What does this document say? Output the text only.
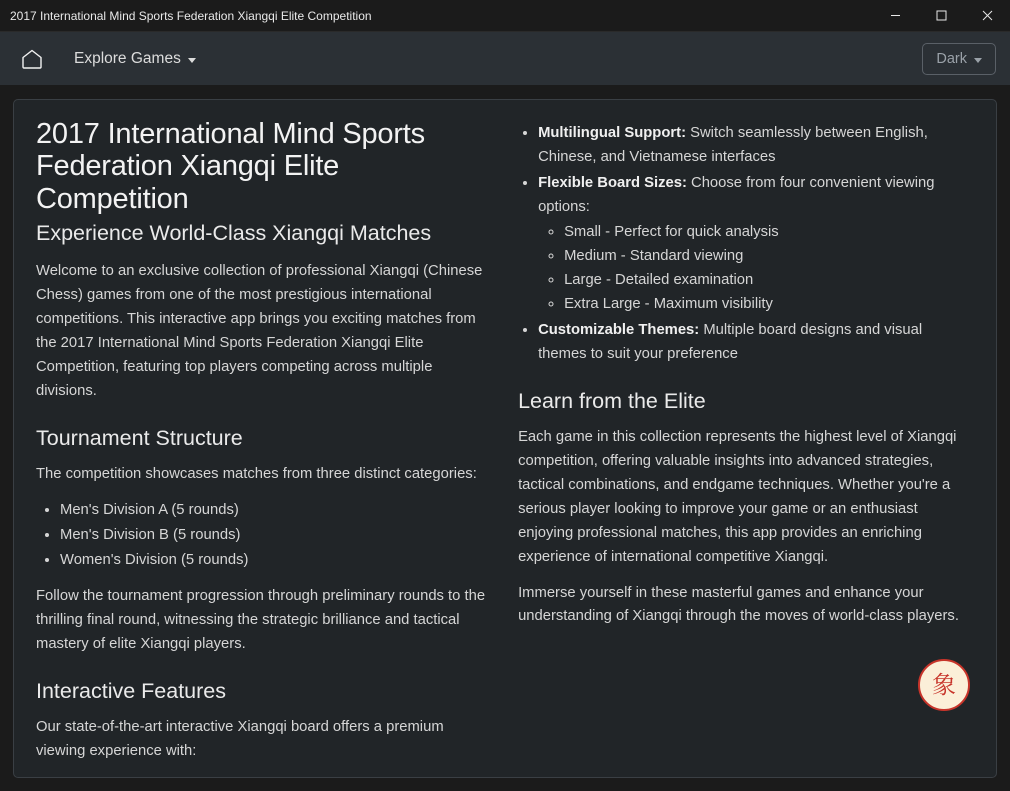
2017 International Mind Sports Federation Xiangqi Elite Competition
Explore Games	Dark
2017 International Mind Sports Federation Xiangqi Elite Competition
Experience World-Class Xiangqi Matches

Welcome to an exclusive collection of professional Xiangqi (Chinese Chess) games from one of the most prestigious international competitions. This interactive app brings you exciting matches from the 2017 International Mind Sports Federation Xiangqi Elite Competition, featuring top players competing across multiple divisions.

Tournament Structure

The competition showcases matches from three distinct categories:

• Men's Division A (5 rounds)
• Men's Division B (5 rounds)
• Women's Division (5 rounds)

Follow the tournament progression through preliminary rounds to the thrilling final round, witnessing the strategic brilliance and tactical mastery of elite Xiangqi players.

Interactive Features

Our state-of-the-art interactive Xiangqi board offers a premium viewing experience with:

• Multilingual Support: Switch seamlessly between English, Chinese, and Vietnamese interfaces
• Flexible Board Sizes: Choose from four convenient viewing options:
◦ Small - Perfect for quick analysis
◦ Medium - Standard viewing
◦ Large - Detailed examination
◦ Extra Large - Maximum visibility
• Customizable Themes: Multiple board designs and visual themes to suit your preference
Learn from the Elite

Each game in this collection represents the highest level of Xiangqi competition, offering valuable insights into advanced strategies, tactical combinations, and endgame techniques. Whether you're a serious player looking to improve your game or an enthusiast enjoying professional matches, this app provides an enriching experience of international competitive Xiangqi.

Immerse yourself in these masterful games and enhance your understanding of Xiangqi through the moves of world-class players.

象
